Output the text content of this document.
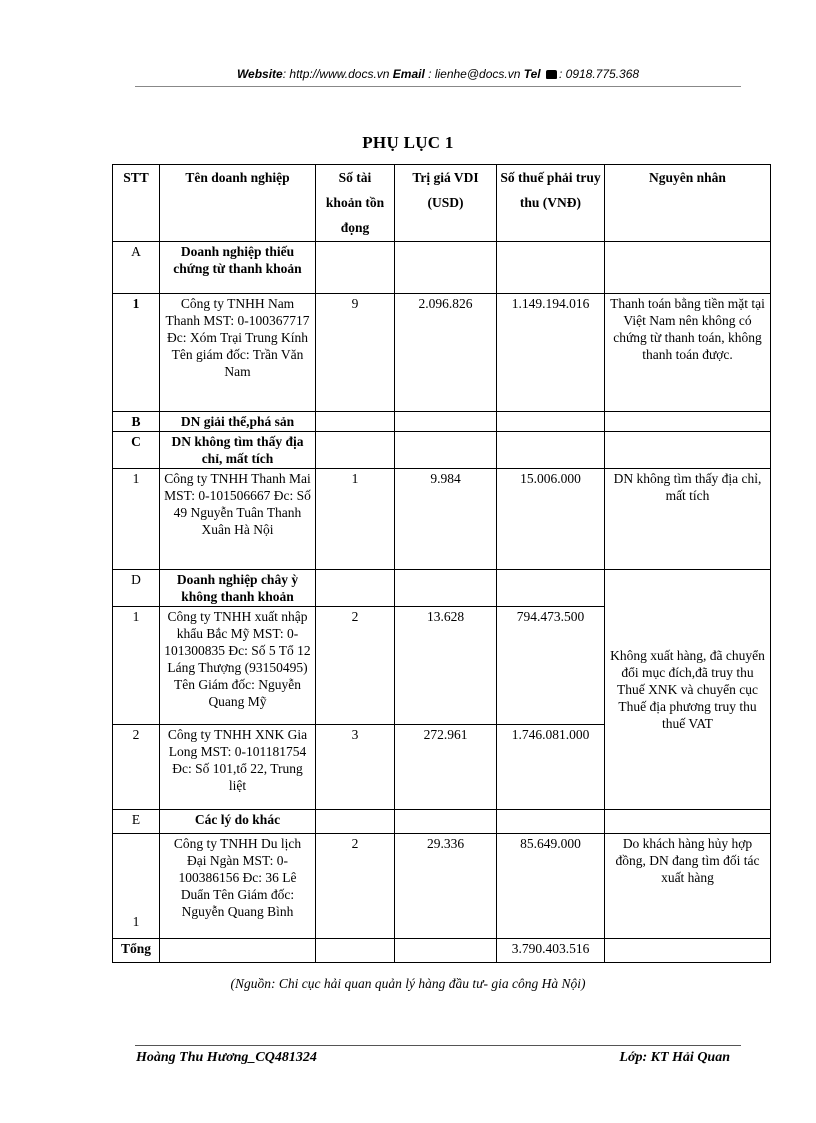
Website: http://www.docs.vn Email : lienhe@docs.vn Tel : 0918.775.368
PHỤ LỤC 1
STT	Tên doanh nghiệp	Số tài khoản tồn đọng	Trị giá VDI (USD)	Số thuế phải truy thu (VNĐ)	Nguyên nhân
A	Doanh nghiệp thiếu chứng từ thanh khoản				
1	Công ty TNHH Nam Thanh MST: 0-100367717 Đc: Xóm Trại Trung Kính Tên giám đốc: Trần Văn Nam	9	2.096.826	1.149.194.016	Thanh toán bằng tiền mặt tại Việt Nam nên không có chứng từ thanh toán, không thanh toán được.
B	DN giải thể,phá sản				
C	DN không tìm thấy địa chỉ, mất tích				
1	Công ty TNHH Thanh Mai MST: 0-101506667 Đc: Số 49 Nguyễn Tuân Thanh Xuân Hà Nội	1	9.984	15.006.000	DN không tìm thấy địa chỉ, mất tích
D	Doanh nghiệp chây ỳ không thanh khoản				Không xuất hàng, đã chuyển đổi mục đích,đã truy thu Thuế XNK và chuyển cục Thuế địa phương truy thu thuế VAT
1	Công ty TNHH xuất nhập khẩu Bắc Mỹ MST: 0- 101300835 Đc: Số 5 Tổ 12 Láng Thượng (93150495) Tên Giám đốc: Nguyễn Quang Mỹ	2	13.628	794.473.500	
2	Công ty TNHH XNK Gia Long MST: 0-101181754 Đc: Số 101,tổ 22, Trung liệt	3	272.961	1.746.081.000	
E	Các lý do khác				
1	Công ty TNHH Du lịch Đại Ngàn MST: 0-100386156 Đc: 36 Lê Duẩn Tên Giám đốc: Nguyễn Quang Bình	2	29.336	85.649.000	Do khách hàng hủy hợp đồng, DN đang tìm đối tác xuất hàng
Tổng				3.790.403.516	
(Nguồn: Chi cục hải quan quản lý hàng đầu tư- gia công Hà Nội)
Hoàng Thu Hương_CQ481324	Lớp: KT Hải Quan
